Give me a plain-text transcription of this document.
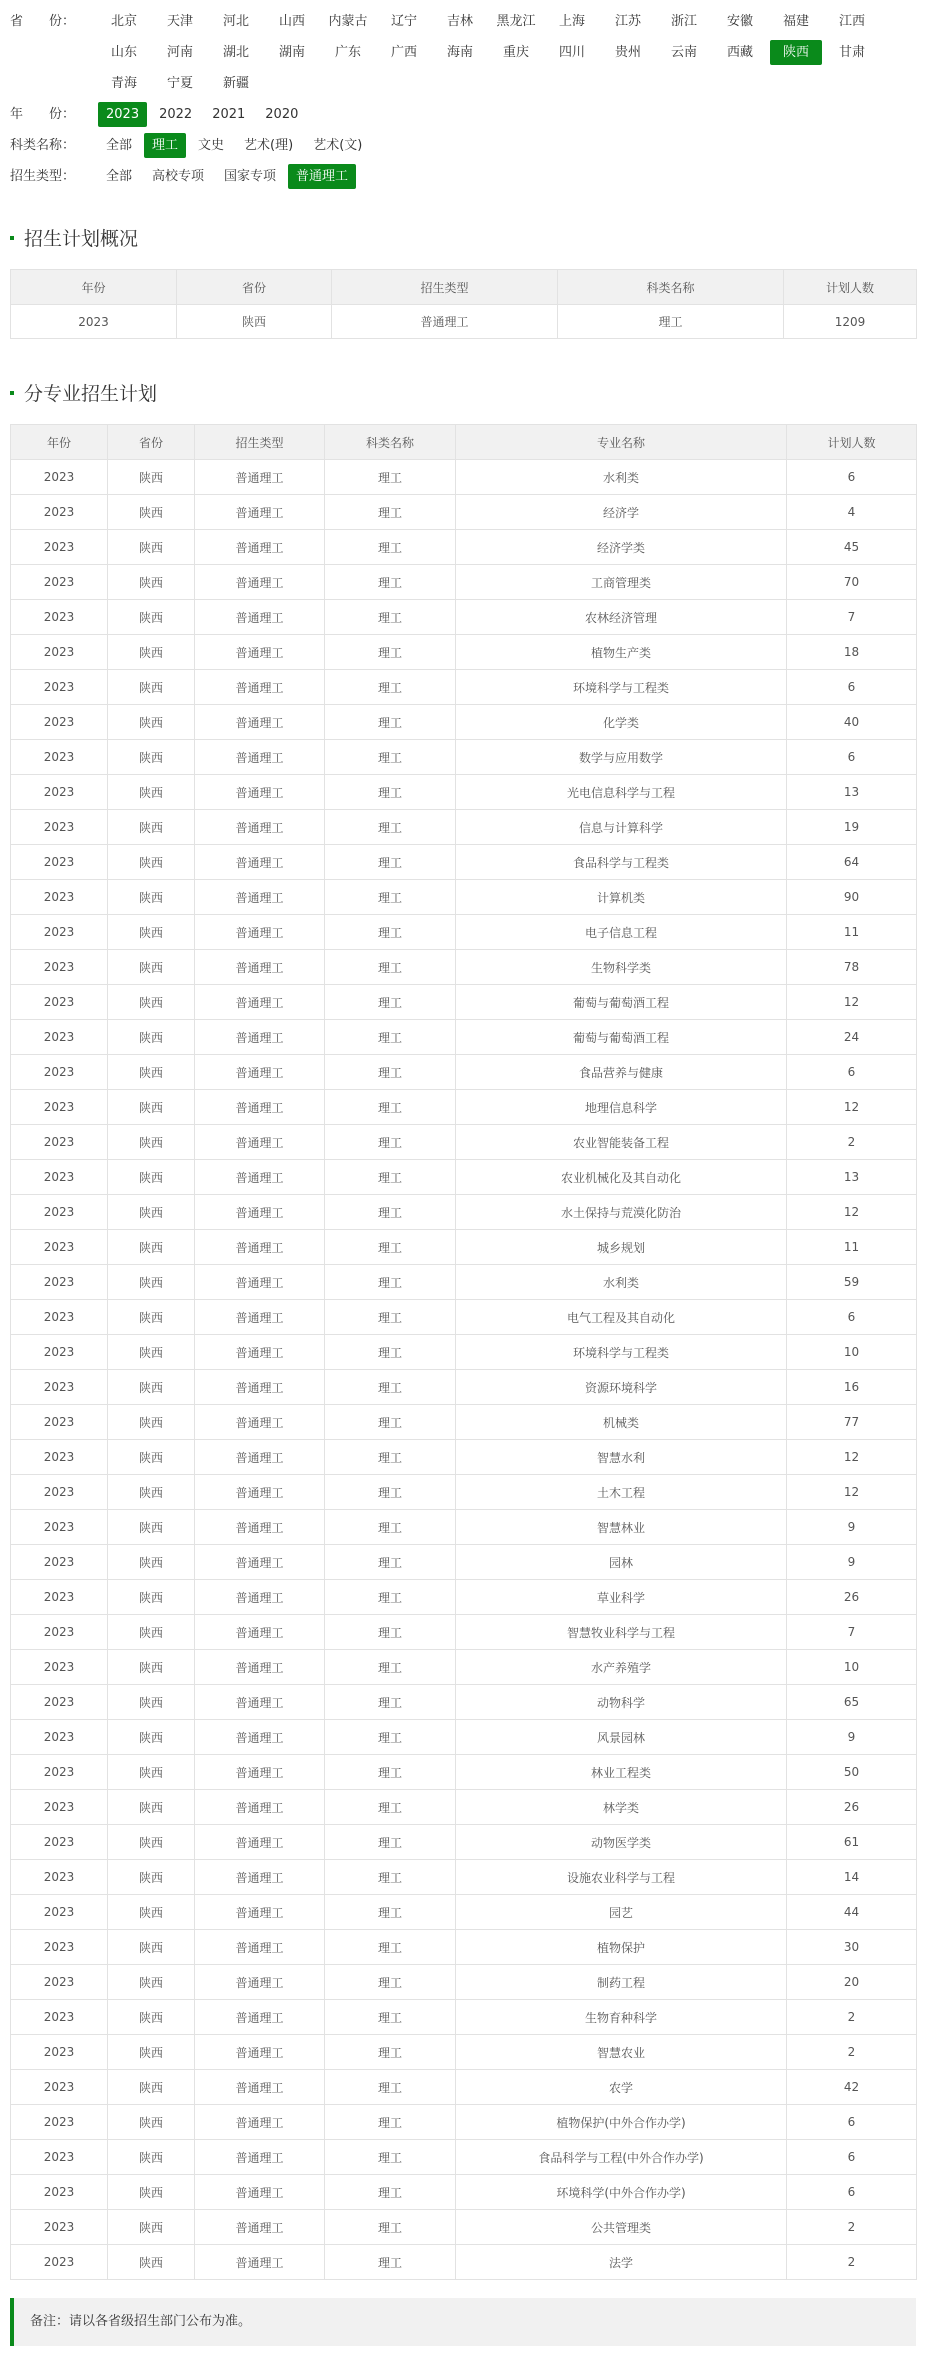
省　　份：	北京	天津	河北	山西	内蒙古	辽宁	吉林	黑龙江	上海	江苏	浙江	安徽	福建	江西
山东	河南	湖北	湖南	广东	广西	海南	重庆	四川	贵州	云南	西藏	陕西	甘肃
青海	宁夏	新疆
年　　份：	2023	2022	2021	2020
科类名称：	全部	理工	文史	艺术(理)	艺术(文)
招生类型：	全部	高校专项	国家专项	普通理工
招生计划概况
年份	省份	招生类型	科类名称	计划人数
2023	陕西	普通理工	理工	1209
分专业招生计划
年份	省份	招生类型	科类名称	专业名称	计划人数
2023	陕西	普通理工	理工	水利类	6
2023	陕西	普通理工	理工	经济学	4
2023	陕西	普通理工	理工	经济学类	45
2023	陕西	普通理工	理工	工商管理类	70
2023	陕西	普通理工	理工	农林经济管理	7
2023	陕西	普通理工	理工	植物生产类	18
2023	陕西	普通理工	理工	环境科学与工程类	6
2023	陕西	普通理工	理工	化学类	40
2023	陕西	普通理工	理工	数学与应用数学	6
2023	陕西	普通理工	理工	光电信息科学与工程	13
2023	陕西	普通理工	理工	信息与计算科学	19
2023	陕西	普通理工	理工	食品科学与工程类	64
2023	陕西	普通理工	理工	计算机类	90
2023	陕西	普通理工	理工	电子信息工程	11
2023	陕西	普通理工	理工	生物科学类	78
2023	陕西	普通理工	理工	葡萄与葡萄酒工程	12
2023	陕西	普通理工	理工	葡萄与葡萄酒工程	24
2023	陕西	普通理工	理工	食品营养与健康	6
2023	陕西	普通理工	理工	地理信息科学	12
2023	陕西	普通理工	理工	农业智能装备工程	2
2023	陕西	普通理工	理工	农业机械化及其自动化	13
2023	陕西	普通理工	理工	水土保持与荒漠化防治	12
2023	陕西	普通理工	理工	城乡规划	11
2023	陕西	普通理工	理工	水利类	59
2023	陕西	普通理工	理工	电气工程及其自动化	6
2023	陕西	普通理工	理工	环境科学与工程类	10
2023	陕西	普通理工	理工	资源环境科学	16
2023	陕西	普通理工	理工	机械类	77
2023	陕西	普通理工	理工	智慧水利	12
2023	陕西	普通理工	理工	土木工程	12
2023	陕西	普通理工	理工	智慧林业	9
2023	陕西	普通理工	理工	园林	9
2023	陕西	普通理工	理工	草业科学	26
2023	陕西	普通理工	理工	智慧牧业科学与工程	7
2023	陕西	普通理工	理工	水产养殖学	10
2023	陕西	普通理工	理工	动物科学	65
2023	陕西	普通理工	理工	风景园林	9
2023	陕西	普通理工	理工	林业工程类	50
2023	陕西	普通理工	理工	林学类	26
2023	陕西	普通理工	理工	动物医学类	61
2023	陕西	普通理工	理工	设施农业科学与工程	14
2023	陕西	普通理工	理工	园艺	44
2023	陕西	普通理工	理工	植物保护	30
2023	陕西	普通理工	理工	制药工程	20
2023	陕西	普通理工	理工	生物育种科学	2
2023	陕西	普通理工	理工	智慧农业	2
2023	陕西	普通理工	理工	农学	42
2023	陕西	普通理工	理工	植物保护(中外合作办学)	6
2023	陕西	普通理工	理工	食品科学与工程(中外合作办学)	6
2023	陕西	普通理工	理工	环境科学(中外合作办学)	6
2023	陕西	普通理工	理工	公共管理类	2
2023	陕西	普通理工	理工	法学	2
备注：请以各省级招生部门公布为准。
